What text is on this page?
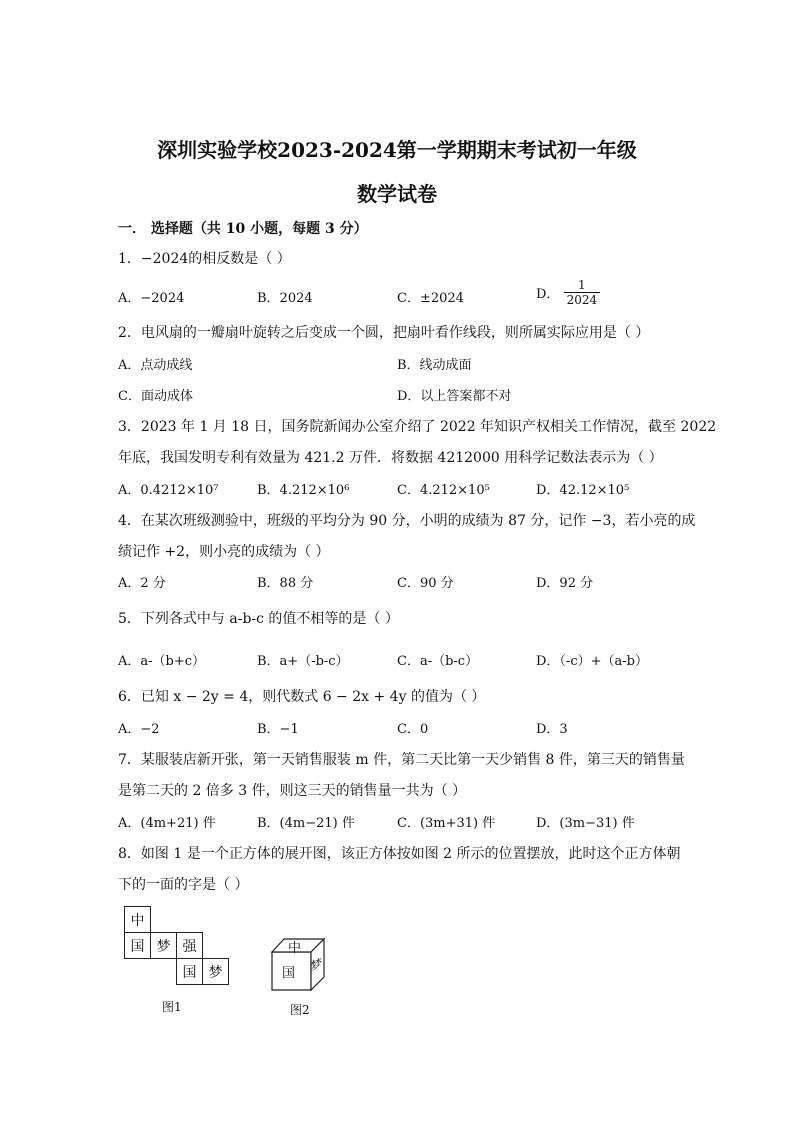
深圳实验学校2023-2024第一学期期末考试初一年级
数学试卷
一． 选择题（共 10 小题，每题 3 分）
1．−2024的相反数是（ ）
A．−2024	B．2024	C．±2024	D． $\frac{1}{2024}$
2．电风扇的一瓣扇叶旋转之后变成一个圆，把扇叶看作线段，则所属实际应用是（ ）
A．点动成线	B．线动成面
C．面动成体	D．以上答案都不对
3．2023 年 1 月 18 日，国务院新闻办公室介绍了 2022 年知识产权相关工作情况，截至 2022
年底，我国发明专利有效量为 421.2 万件．将数据 4212000 用科学记数法表示为（ ）
A．0.4212×10⁷	B．4.212×10⁶	C．4.212×10⁵	D．42.12×10⁵
4．在某次班级测验中，班级的平均分为 90 分，小明的成绩为 87 分，记作 −3，若小亮的成
绩记作 +2，则小亮的成绩为（ ）
A．2 分	B．88 分	C．90 分	D．92 分
5．下列各式中与 a-b-c 的值不相等的是（ ）
A．a-（b+c）	B．a+（-b-c）	C．a-（b-c）	D．（-c）+（a-b）
6．已知 x − 2y = 4，则代数式 6 − 2x + 4y 的值为（ ）
A．−2	B．−1	C．0	D．3
7．某服装店新开张，第一天销售服装 m 件，第二天比第一天少销售 8 件，第三天的销售量
是第二天的 2 倍多 3 件，则这三天的销售量一共为（ ）
A．(4m+21) 件	B．(4m−21) 件	C．(3m+31) 件	D．(3m−31) 件
8．如图 1 是一个正方体的展开图，该正方体按如图 2 所示的位置摆放，此时这个正方体朝
下的一面的字是（ ）
中
国 梦 强
国 梦
图1
中
国 梦
图2
